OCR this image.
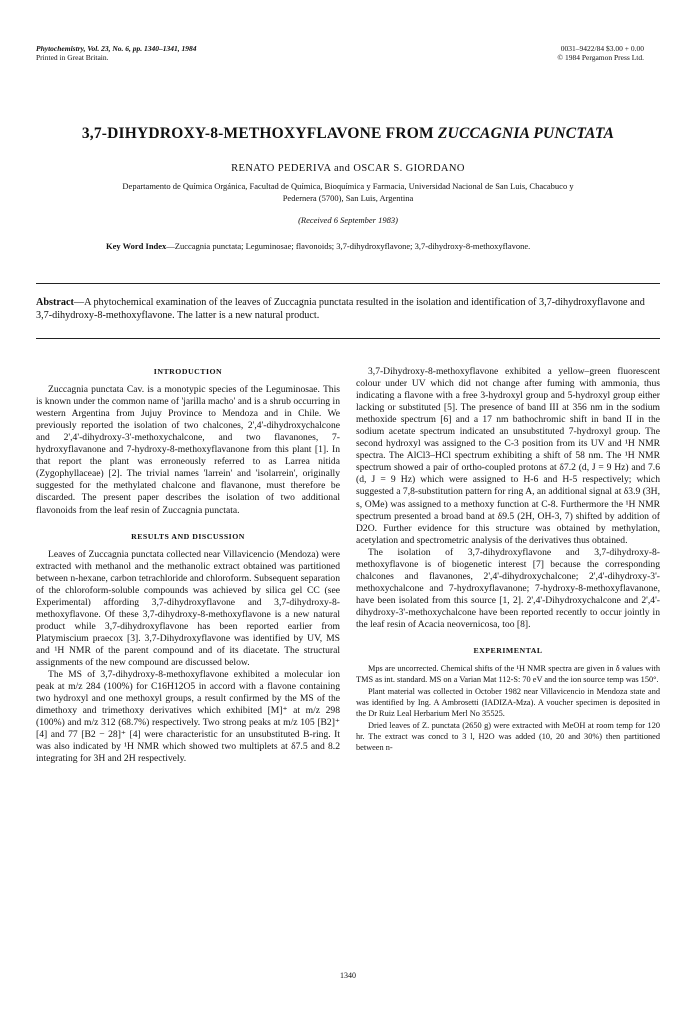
Phytochemistry, Vol. 23, No. 6, pp. 1340–1341, 1984
Printed in Great Britain.
0031–9422/84 $3.00 + 0.00
© 1984 Pergamon Press Ltd.
3,7-DIHYDROXY-8-METHOXYFLAVONE FROM ZUCCAGNIA PUNCTATA
RENATO PEDERIVA and OSCAR S. GIORDANO
Departamento de Química Orgánica, Facultad de Química, Bioquímica y Farmacia, Universidad Nacional de San Luis, Chacabuco y
Pedernera (5700), San Luis, Argentina
(Received 6 September 1983)
Key Word Index—Zuccagnia punctata; Leguminosae; flavonoids; 3,7-dihydroxyflavone; 3,7-dihydroxy-8-methoxyflavone.
Abstract—A phytochemical examination of the leaves of Zuccagnia punctata resulted in the isolation and identification of 3,7-dihydroxyflavone and 3,7-dihydroxy-8-methoxyflavone. The latter is a new natural product.
INTRODUCTION

Zuccagnia punctata Cav. is a monotypic species of the Leguminosae. This is known under the common name of 'jarilla macho' and is a shrub occurring in western Argentina from Jujuy Province to Mendoza and in Chile. We previously reported the isolation of two chalcones, 2',4'-dihydroxychalcone and 2',4'-dihydroxy-3'-methoxychalcone, and two flavanones, 7-hydroxyflavanone and 7-hydroxy-8-methoxyflavanone from this plant [1]. In that report the plant was erroneously referred to as Larrea nitida (Zygophyllaceae) [2]. The trivial names 'larrein' and 'isolarrein', originally suggested for the methylated chalcone and flavanone, must therefore be discarded. The present paper describes the isolation of two additional flavonoids from the leaf resin of Zuccagnia punctata.

RESULTS AND DISCUSSION

Leaves of Zuccagnia punctata collected near Villavicencio (Mendoza) were extracted with methanol and the methanolic extract obtained was partitioned between n-hexane, carbon tetrachloride and chloroform. Subsequent separation of the chloroform-soluble compounds was achieved by silica gel CC (see Experimental) affording 3,7-dihydroxyflavone and 3,7-dihydroxy-8-methoxyflavone. Of these 3,7-dihydroxy-8-methoxyflavone is a new natural product while 3,7-dihydroxyflavone has been reported earlier from Platymiscium praecox [3]. 3,7-Dihydroxyflavone was identified by UV, MS and ¹H NMR of the parent compound and of its diacetate. The structural assignments of the new compound are discussed below.

The MS of 3,7-dihydroxy-8-methoxyflavone exhibited a molecular ion peak at m/z 284 (100%) for C16H12O5 in accord with a flavone containing two hydroxyl and one methoxyl groups, a result confirmed by the MS of the dimethoxy and trimethoxy derivatives which exhibited [M]⁺ at m/z 298 (100%) and m/z 312 (68.7%) respectively. Two strong peaks at m/z 105 [B2]⁺ [4] and 77 [B2 − 28]⁺ [4] were characteristic for an unsubstituted B-ring. It was also indicated by ¹H NMR which showed two multiplets at δ7.5 and 8.2 integrating for 3H and 2H respectively.

3,7-Dihydroxy-8-methoxyflavone exhibited a yellow–green fluorescent colour under UV which did not change after fuming with ammonia, thus indicating a flavone with a free 3-hydroxyl group and 5-hydroxyl group either lacking or substituted [5]. The presence of band III at 356 nm in the sodium methoxide spectrum [6] and a 17 nm bathochromic shift in band II in the sodium acetate spectrum indicated an unsubstituted 7-hydroxyl group. The second hydroxyl was assigned to the C-3 position from its UV and ¹H NMR spectra. The AlCl3–HCl spectrum exhibiting a shift of 58 nm. The ¹H NMR spectrum showed a pair of ortho-coupled protons at δ7.2 (d, J = 9 Hz) and 7.6 (d, J = 9 Hz) which were assigned to H-6 and H-5 respectively; which suggested a 7,8-substitution pattern for ring A, an additional signal at δ3.9 (3H, s, OMe) was assigned to a methoxy function at C-8. Furthermore the ¹H NMR spectrum presented a broad band at δ9.5 (2H, OH-3, 7) shifted by addition of D2O. Further evidence for this structure was obtained by methylation, acetylation and spectrometric analysis of the derivatives thus obtained.

The isolation of 3,7-dihydroxyflavone and 3,7-dihydroxy-8-methoxyflavone is of biogenetic interest [7] because the corresponding chalcones and flavanones, 2',4'-dihydroxychalcone; 2',4'-dihydroxy-3'-methoxychalcone and 7-hydroxyflavanone; 7-hydroxy-8-methoxyflavanone, have been isolated from this source [1, 2]. 2',4'-Dihydroxychalcone and 2',4'-dihydroxy-3'-methoxychalcone have been reported recently to occur jointly in the leaf resin of Acacia neovernicosa, too [8].

EXPERIMENTAL

Mps are uncorrected. Chemical shifts of the ¹H NMR spectra are given in δ values with TMS as int. standard. MS on a Varian Mat 112-S: 70 eV and the ion source temp was 150°.

Plant material was collected in October 1982 near Villavicencio in Mendoza state and was identified by Ing. A Ambrosetti (IADIZA-Mza). A voucher specimen is deposited in the Dr Ruiz Leal Herbarium Merl No 35525.

Dried leaves of Z. punctata (2650 g) were extracted with MeOH at room temp for 120 hr. The extract was concd to 3 l, H2O was added (10, 20 and 30%) then partitioned between n-

1340
